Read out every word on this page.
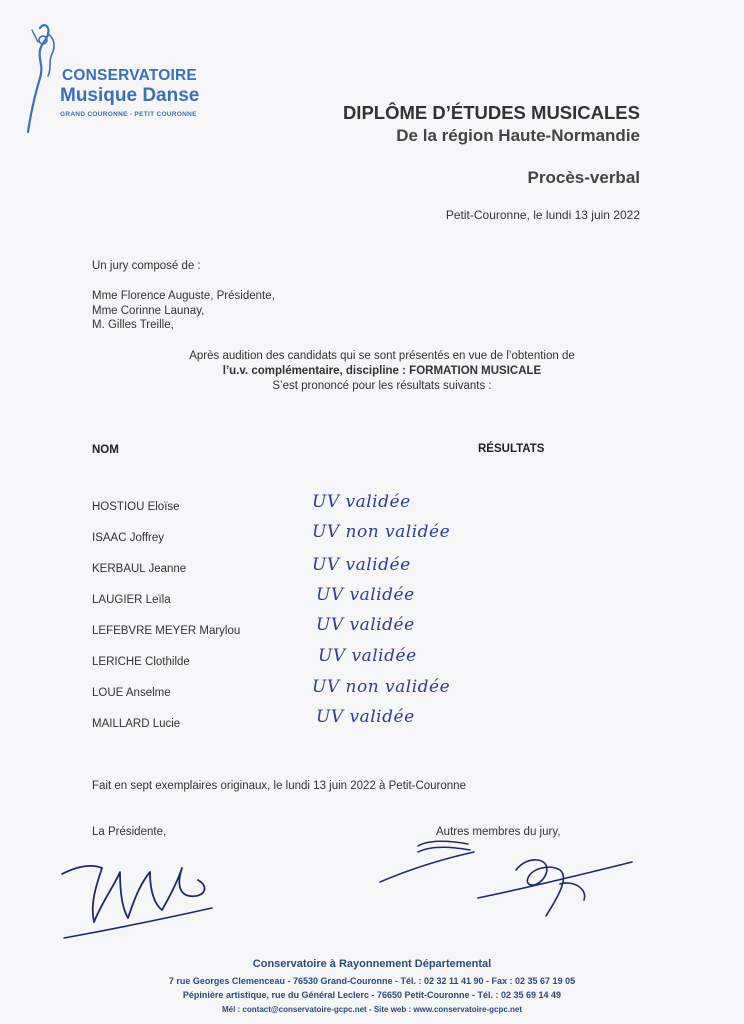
CONSERVATOIRE
Musique Danse
GRAND COURONNE - PETIT COURONNE	DIPLÔME D’ÉTUDES MUSICALES
De la région Haute-Normandie
Procès-verbal
Petit-Couronne, le lundi 13 juin 2022
Un jury composé de :
Mme Florence Auguste, Présidente,
Mme Corinne Launay,
M. Gilles Treille,
Après audition des candidats qui se sont présentés en vue de l’obtention de
l’u.v. complémentaire, discipline : FORMATION MUSICALE
S’est prononcé pour les résultats suivants :
NOM	RÉSULTATS
HOSTIOU Eloïse	UV validée
ISAAC Joffrey	UV non validée
KERBAUL Jeanne	UV validée
LAUGIER Leïla	UV validée
LEFEBVRE MEYER Marylou	UV validée
LERICHE Clothilde	UV validée
LOUE Anselme	UV non validée
MAILLARD Lucie	UV validée
Fait en sept exemplaires originaux, le lundi 13 juin 2022 à Petit-Couronne
La Présidente,	Autres membres du jury,
Conservatoire à Rayonnement Départemental
7 rue Georges Clemenceau - 76530 Grand-Couronne - Tél. : 02 32 11 41 90 - Fax : 02 35 67 19 05
Pépinière artistique, rue du Général Leclerc - 76650 Petit-Couronne - Tél. : 02 35 69 14 49
Mél : contact@conservatoire-gcpc.net - Site web : www.conservatoire-gcpc.net
